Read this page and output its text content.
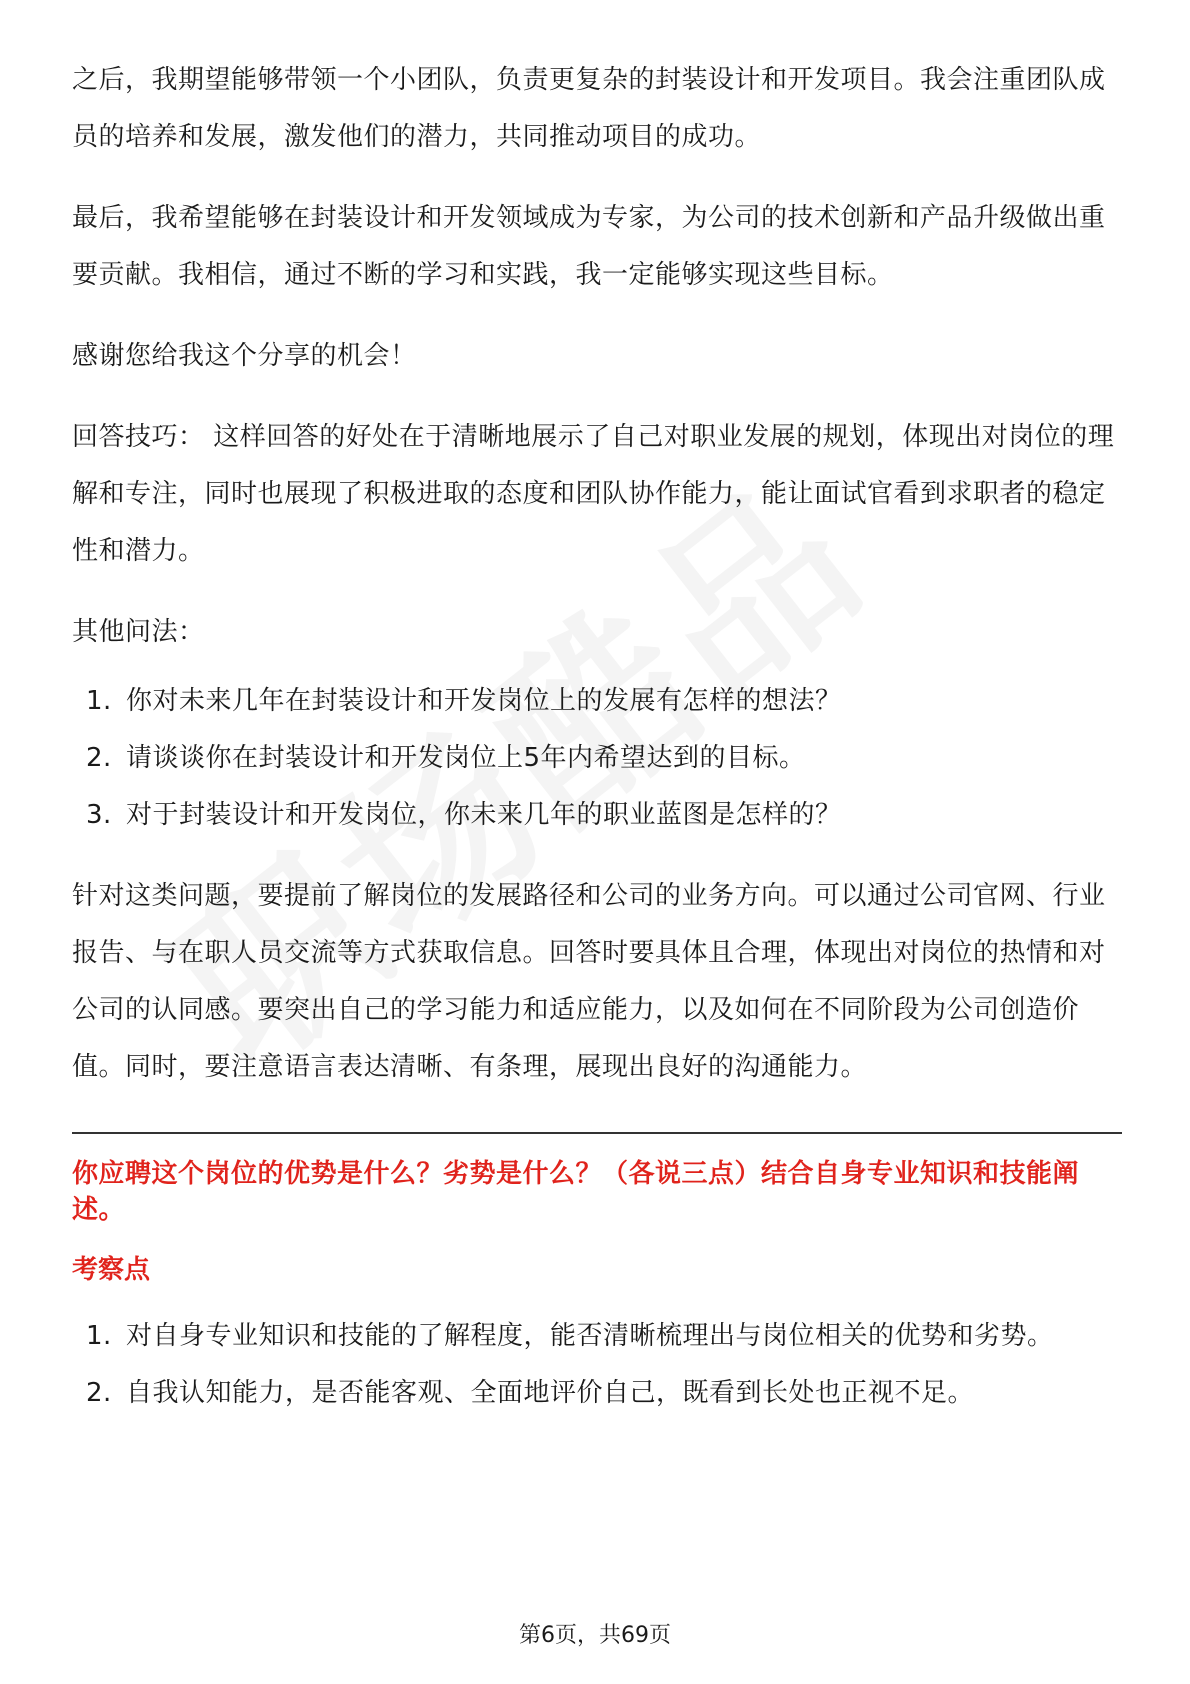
之后，我期望能够带领一个小团队，负责更复杂的封装设计和开发项目。我会注重团队成员的培养和发展，激发他们的潜力，共同推动项目的成功。

最后，我希望能够在封装设计和开发领域成为专家，为公司的技术创新和产品升级做出重要贡献。我相信，通过不断的学习和实践，我一定能够实现这些目标。

感谢您给我这个分享的机会！

回答技巧： 这样回答的好处在于清晰地展示了自己对职业发展的规划，体现出对岗位的理解和专注，同时也展现了积极进取的态度和团队协作能力，能让面试官看到求职者的稳定性和潜力。

其他问法：

1. 你对未来几年在封装设计和开发岗位上的发展有怎样的想法？
2. 请谈谈你在封装设计和开发岗位上5年内希望达到的目标。
3. 对于封装设计和开发岗位，你未来几年的职业蓝图是怎样的？

针对这类问题，要提前了解岗位的发展路径和公司的业务方向。可以通过公司官网、行业报告、与在职人员交流等方式获取信息。回答时要具体且合理，体现出对岗位的热情和对公司的认同感。要突出自己的学习能力和适应能力，以及如何在不同阶段为公司创造价值。同时，要注意语言表达清晰、有条理，展现出良好的沟通能力。

你应聘这个岗位的优势是什么？劣势是什么？（各说三点）结合自身专业知识和技能阐述。

考察点

1. 对自身专业知识和技能的了解程度，能否清晰梳理出与岗位相关的优势和劣势。
2. 自我认知能力，是否能客观、全面地评价自己，既看到长处也正视不足。
第6页，共69页
